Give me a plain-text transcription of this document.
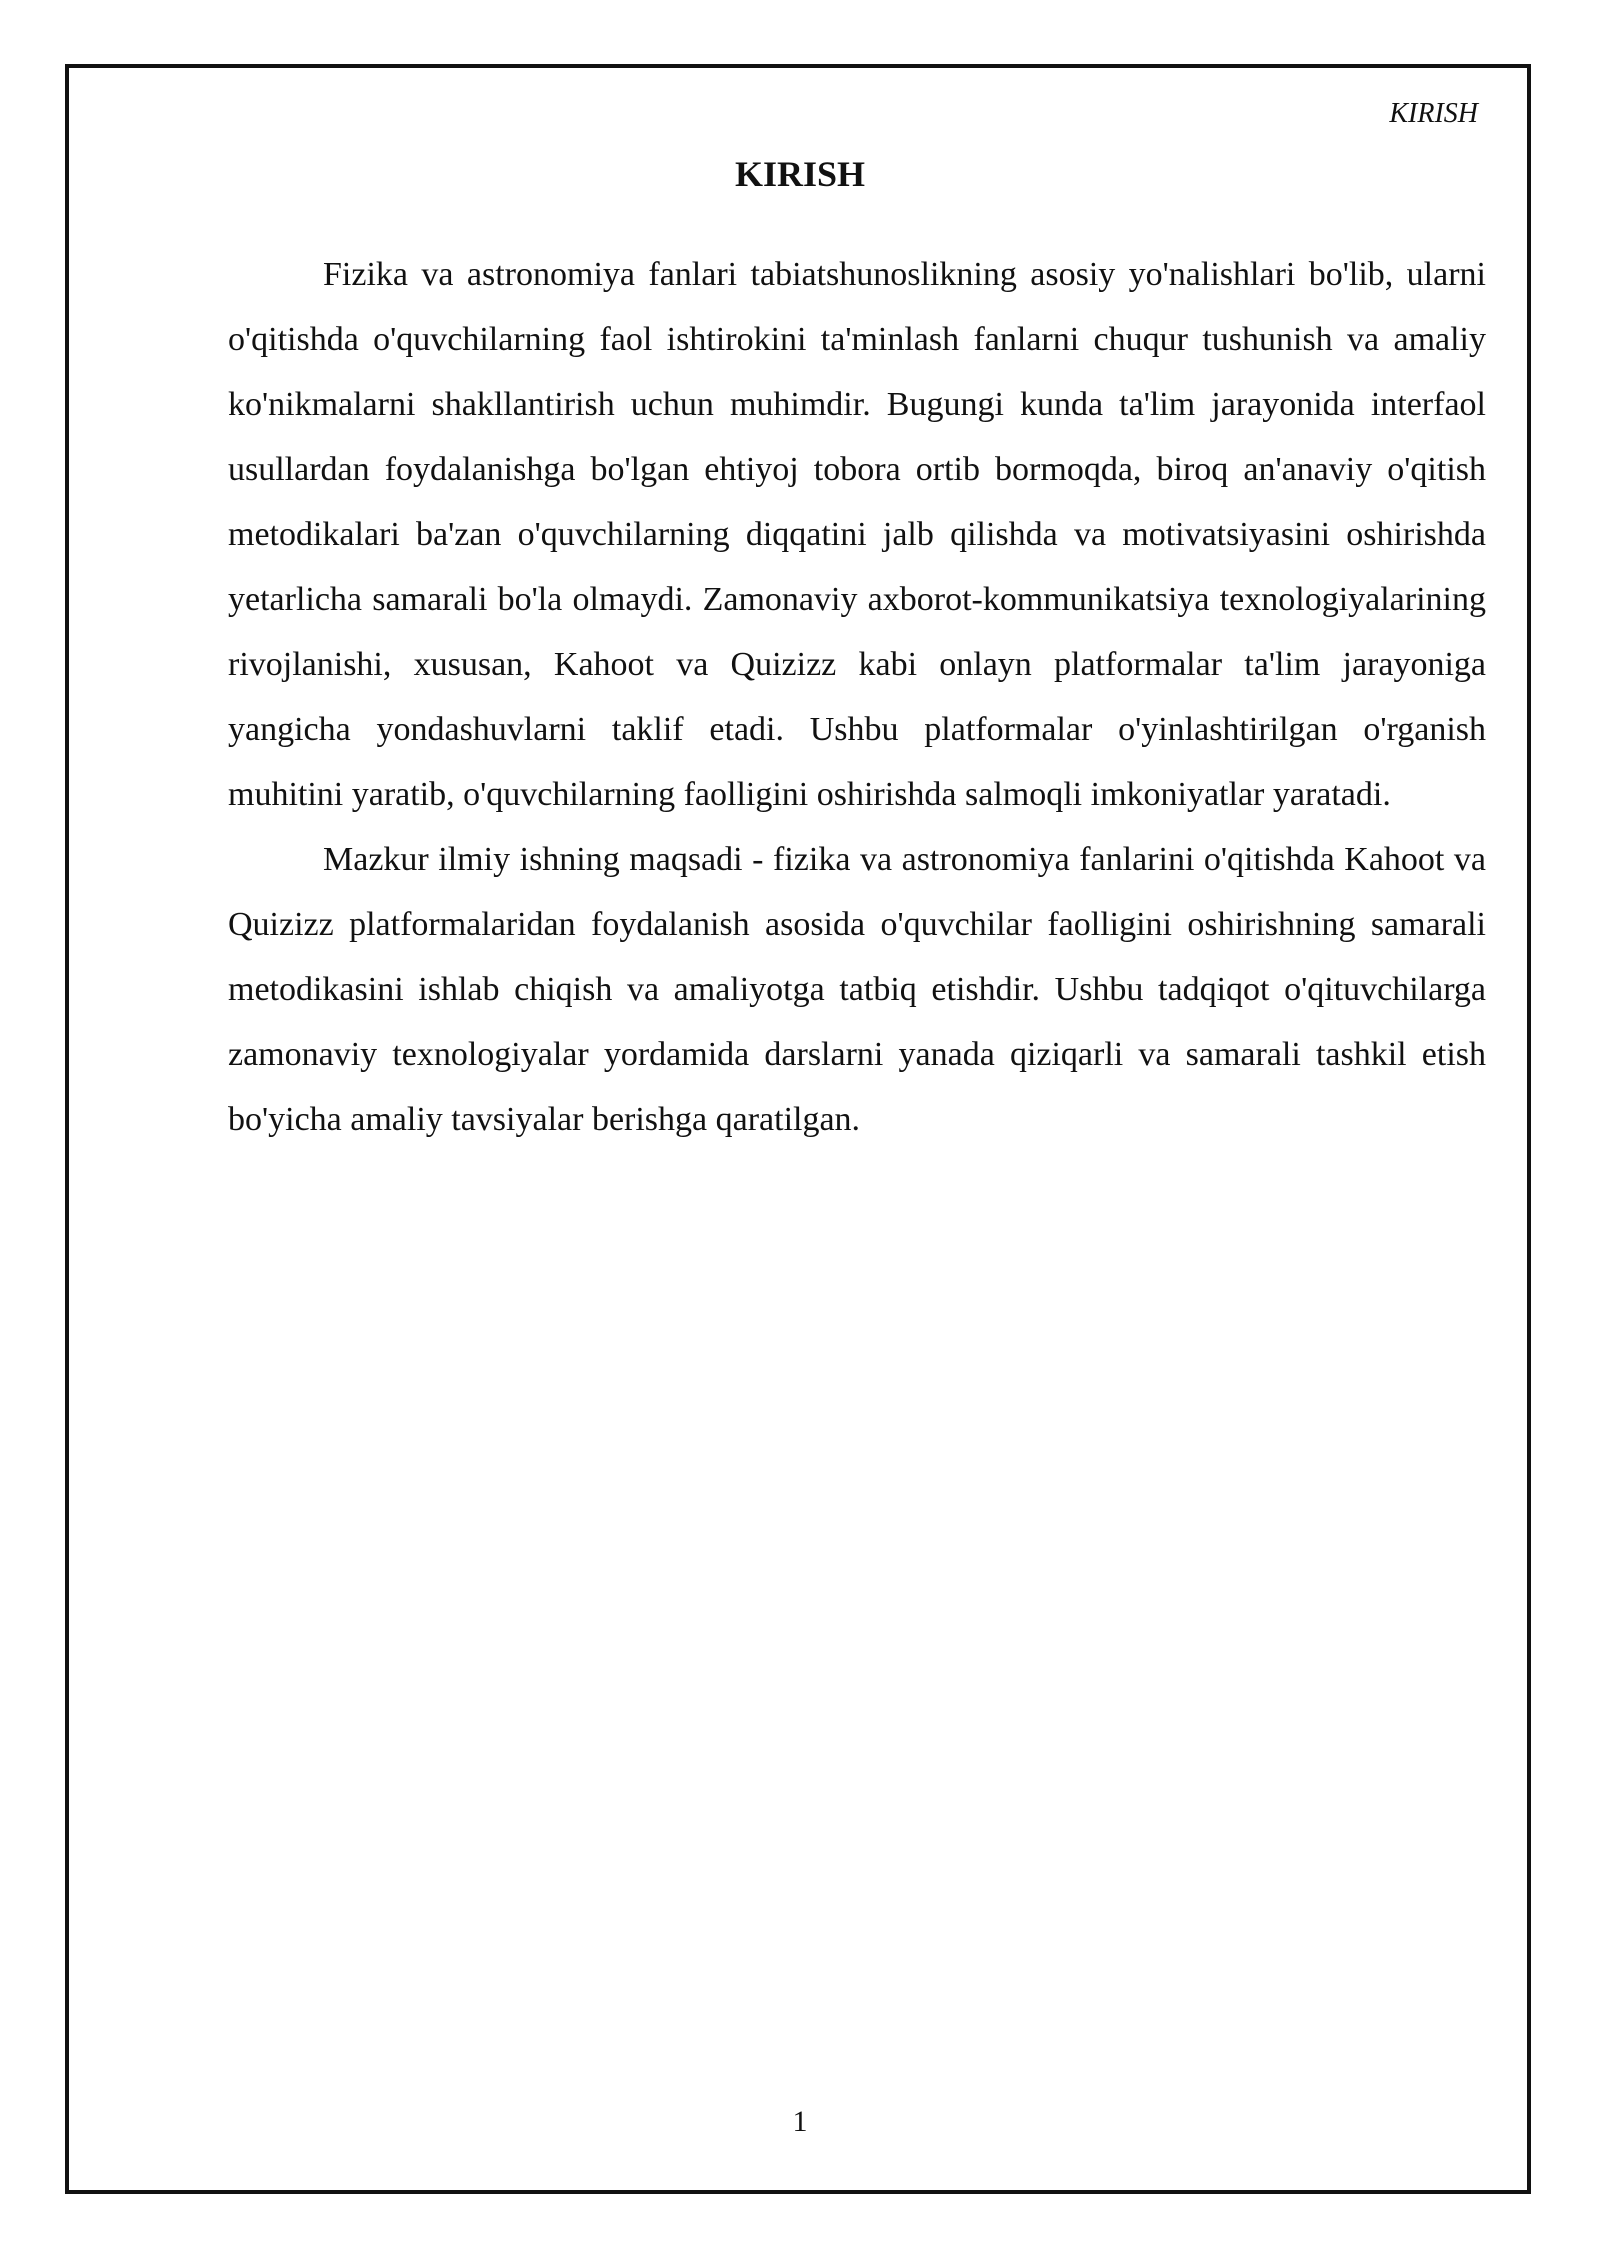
KIRISH
KIRISH

Fizika va astronomiya fanlari tabiatshunoslikning asosiy yo'nalishlari bo'lib, ularni o'qitishda o'quvchilarning faol ishtirokini ta'minlash fanlarni chuqur tushunish va amaliy ko'nikmalarni shakllantirish uchun muhimdir. Bugungi kunda ta'lim jarayonida interfaol usullardan foydalanishga bo'lgan ehtiyoj tobora ortib bormoqda, biroq an'anaviy o'qitish metodikalari ba'zan o'quvchilarning diqqatini jalb qilishda va motivatsiyasini oshirishda yetarlicha samarali bo'la olmaydi. Zamonaviy axborot-kommunikatsiya texnologiyalarining rivojlanishi, xususan, Kahoot va Quizizz kabi onlayn platformalar ta'lim jarayoniga yangicha yondashuvlarni taklif etadi. Ushbu platformalar o'yinlashtirilgan o'rganish muhitini yaratib, o'quvchilarning faolligini oshirishda salmoqli imkoniyatlar yaratadi.

Mazkur ilmiy ishning maqsadi - fizika va astronomiya fanlarini o'qitishda Kahoot va Quizizz platformalaridan foydalanish asosida o'quvchilar faolligini oshirishning samarali metodikasini ishlab chiqish va amaliyotga tatbiq etishdir. Ushbu tadqiqot o'qituvchilarga zamonaviy texnologiyalar yordamida darslarni yanada qiziqarli va samarali tashkil etish bo'yicha amaliy tavsiyalar berishga qaratilgan.

1
